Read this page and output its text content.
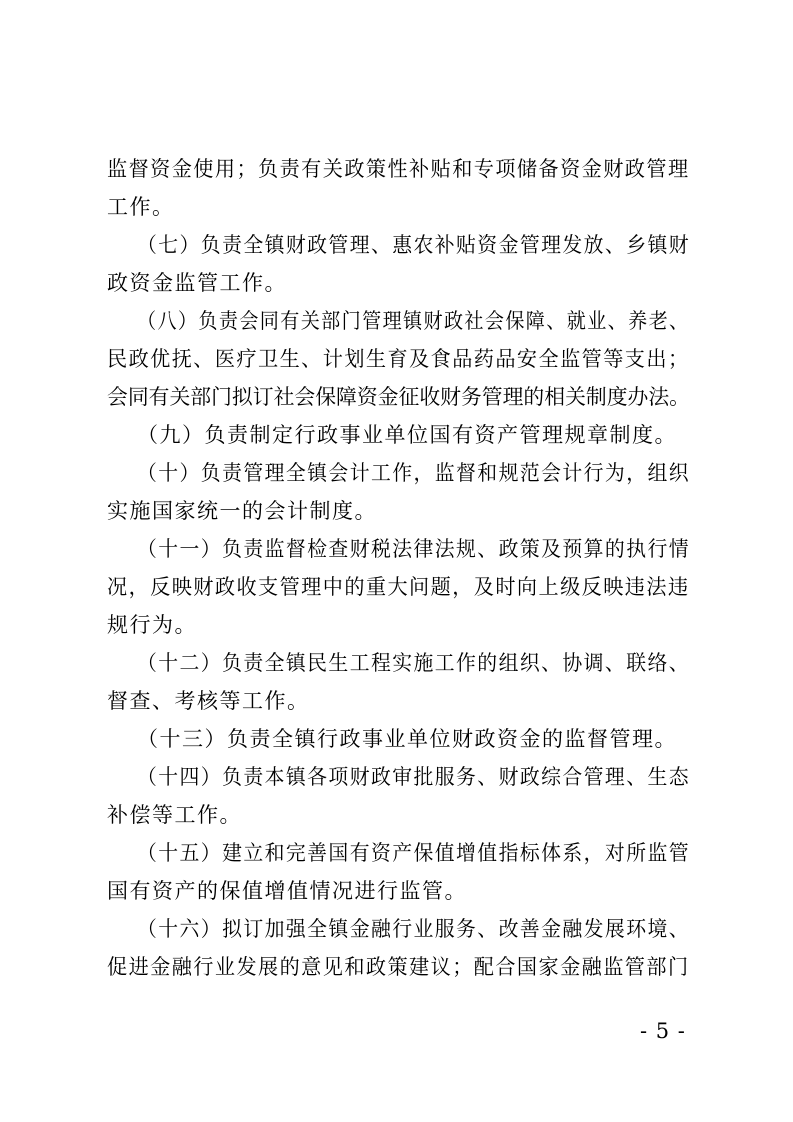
监督资金使用；负责有关政策性补贴和专项储备资金财政管理
工作。
（七）负责全镇财政管理、惠农补贴资金管理发放、乡镇财
政资金监管工作。
（八）负责会同有关部门管理镇财政社会保障、就业、养老、
民政优抚、医疗卫生、计划生育及食品药品安全监管等支出；
会同有关部门拟订社会保障资金征收财务管理的相关制度办法。
（九）负责制定行政事业单位国有资产管理规章制度。
（十）负责管理全镇会计工作，监督和规范会计行为，组织
实施国家统一的会计制度。
（十一）负责监督检查财税法律法规、政策及预算的执行情
况，反映财政收支管理中的重大问题，及时向上级反映违法违
规行为。
（十二）负责全镇民生工程实施工作的组织、协调、联络、
督查、考核等工作。
（十三）负责全镇行政事业单位财政资金的监督管理。
（十四）负责本镇各项财政审批服务、财政综合管理、生态
补偿等工作。
（十五）建立和完善国有资产保值增值指标体系，对所监管
国有资产的保值增值情况进行监管。
（十六）拟订加强全镇金融行业服务、改善金融发展环境、
促进金融行业发展的意见和政策建议；配合国家金融监管部门
- 5 -
